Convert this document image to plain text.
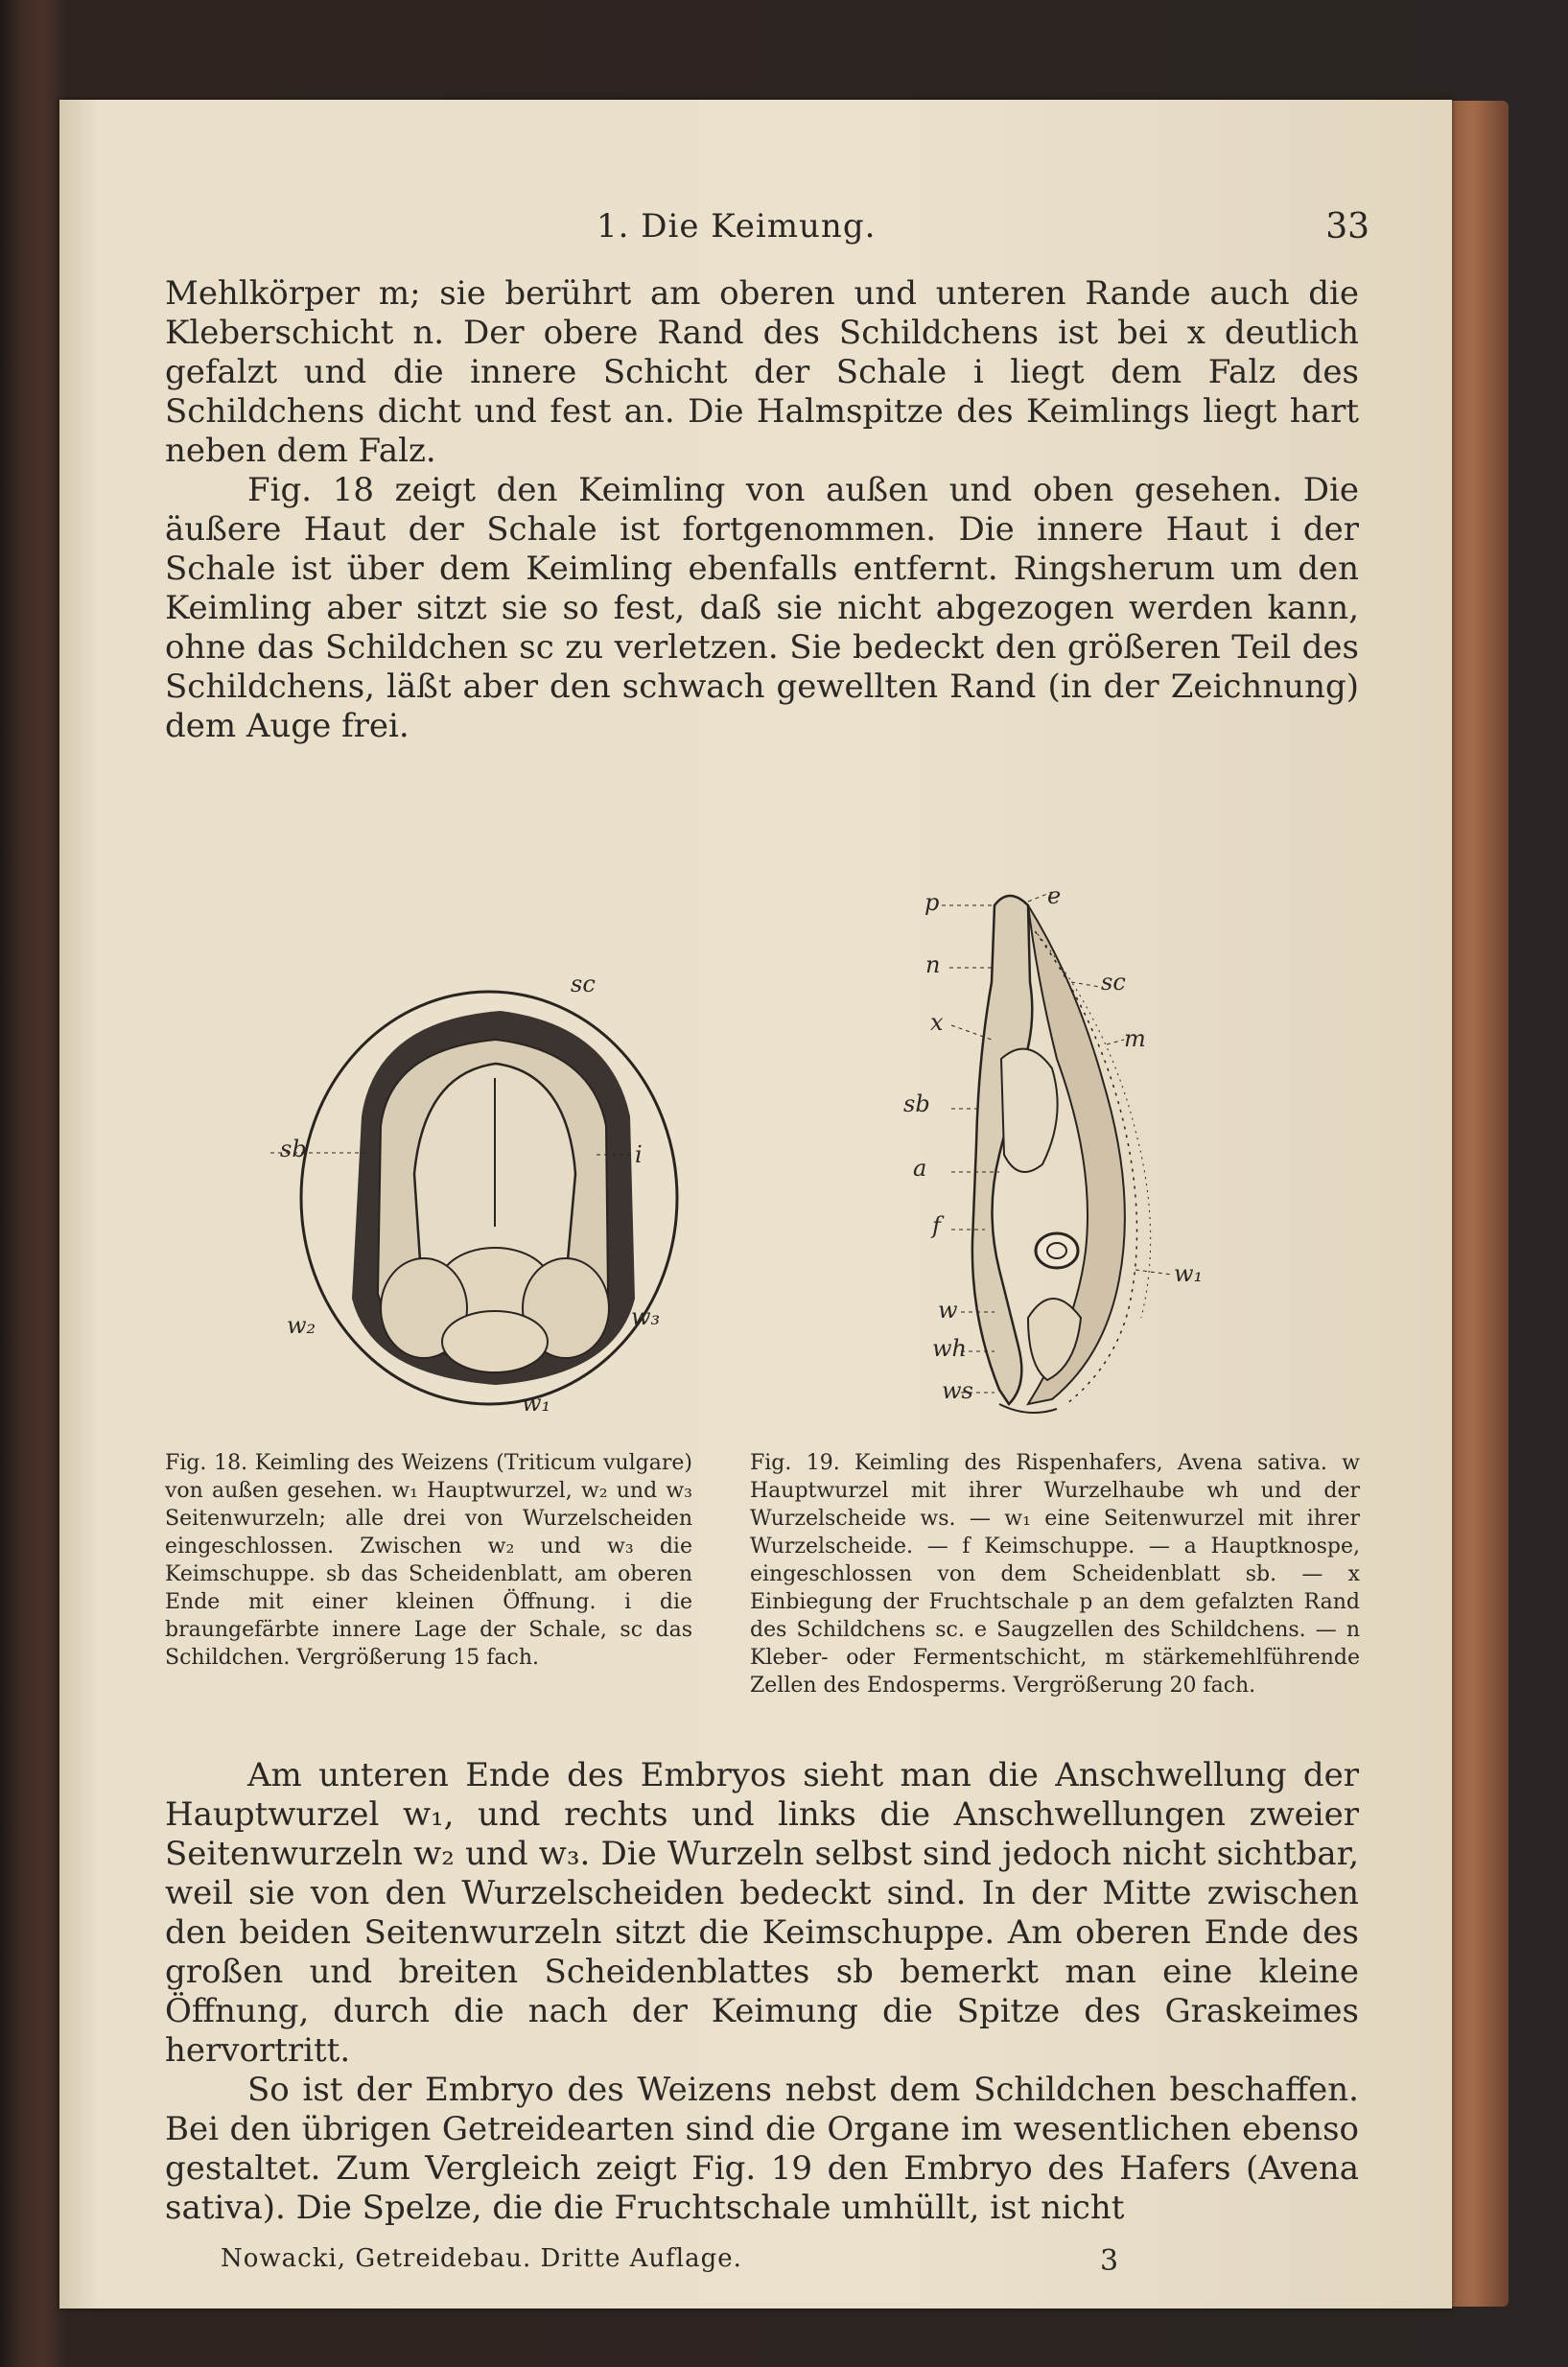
1. Die Keimung.	33

Mehlkörper m; sie berührt am oberen und unteren Rande auch die Kleberschicht n. Der obere Rand des Schildchens ist bei x deutlich gefalzt und die innere Schicht der Schale i liegt dem Falz des Schildchens dicht und fest an. Die Halmspitze des Keimlings liegt hart neben dem Falz.

Fig. 18 zeigt den Keimling von außen und oben gesehen. Die äußere Haut der Schale ist fortgenommen. Die innere Haut i der Schale ist über dem Keimling ebenfalls entfernt. Ringsherum um den Keimling aber sitzt sie so fest, daß sie nicht abgezogen werden kann, ohne das Schildchen sc zu verletzen. Sie bedeckt den größeren Teil des Schildchens, läßt aber den schwach gewellten Rand (in der Zeichnung) dem Auge frei.

sc
sb	i
w₂	w₃
w₁
p	e
n
sc
x
m
sb
a
f
w₁
w
wh
ws
Fig. 18. Keimling des Weizens (Triticum vulgare) von außen gesehen. w₁ Hauptwurzel, w₂ und w₃ Seitenwurzeln; alle drei von Wurzelscheiden eingeschlossen. Zwischen w₂ und w₃ die Keimschuppe. sb das Scheidenblatt, am oberen Ende mit einer kleinen Öffnung. i die braungefärbte innere Lage der Schale, sc das Schildchen. Vergrößerung 15 fach.
Fig. 19. Keimling des Rispenhafers, Avena sativa. w Hauptwurzel mit ihrer Wurzelhaube wh und der Wurzelscheide ws. — w₁ eine Seitenwurzel mit ihrer Wurzelscheide. — f Keimschuppe. — a Hauptknospe, eingeschlossen von dem Scheidenblatt sb. — x Einbiegung der Fruchtschale p an dem gefalzten Rand des Schildchens sc. e Saugzellen des Schildchens. — n Kleber- oder Fermentschicht, m stärkemehlführende Zellen des Endosperms. Vergrößerung 20 fach.

Am unteren Ende des Embryos sieht man die Anschwellung der Hauptwurzel w₁, und rechts und links die Anschwellungen zweier Seitenwurzeln w₂ und w₃. Die Wurzeln selbst sind jedoch nicht sichtbar, weil sie von den Wurzelscheiden bedeckt sind. In der Mitte zwischen den beiden Seitenwurzeln sitzt die Keimschuppe. Am oberen Ende des großen und breiten Scheidenblattes sb bemerkt man eine kleine Öffnung, durch die nach der Keimung die Spitze des Graskeimes hervortritt.

So ist der Embryo des Weizens nebst dem Schildchen beschaffen. Bei den übrigen Getreidearten sind die Organe im wesentlichen ebenso gestaltet. Zum Vergleich zeigt Fig. 19 den Embryo des Hafers (Avena sativa). Die Spelze, die die Fruchtschale umhüllt, ist nicht

Nowacki, Getreidebau. Dritte Auflage.	3
